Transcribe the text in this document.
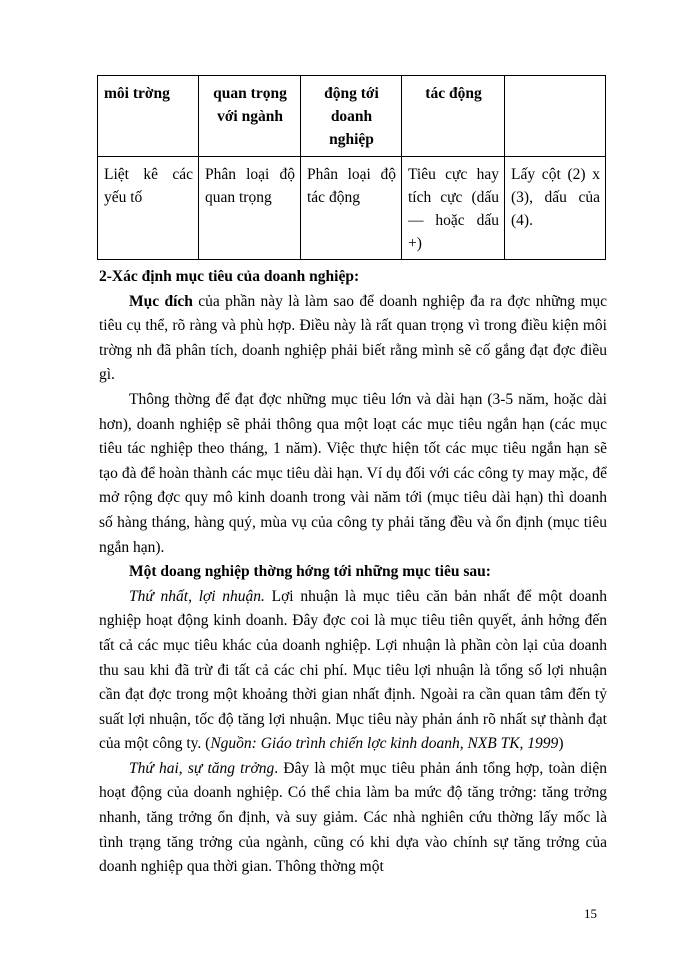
môi trờng	quan trọng với ngành	động tới doanh nghiệp	tác động	
Liệt kê các yếu tố	Phân loại độ quan trọng	Phân loại độ tác động	Tiêu cực hay tích cực (dấu — hoặc dấu +)	Lấy cột (2) x (3), dấu của (4).

2-Xác định mục tiêu của doanh nghiệp:

Mục đích của phần này là làm sao để doanh nghiệp đa ra đợc những mục tiêu cụ thể, rõ ràng và phù hợp. Điều này là rất quan trọng vì trong điều kiện môi trờng nh đã phân tích, doanh nghiệp phải biết rằng mình sẽ cố gắng đạt đợc điều gì.

Thông thờng để đạt đợc những mục tiêu lớn và dài hạn (3-5 năm, hoặc dài hơn), doanh nghiệp sẽ phải thông qua một loạt các mục tiêu ngắn hạn (các mục tiêu tác nghiệp theo tháng, 1 năm). Việc thực hiện tốt các mục tiêu ngắn hạn sẽ tạo đà để hoàn thành các mục tiêu dài hạn. Ví dụ đối với các công ty may mặc, để mở rộng đợc quy mô kinh doanh trong vài năm tới (mục tiêu dài hạn) thì doanh số hàng tháng, hàng quý, mùa vụ của công ty phải tăng đều và ổn định (mục tiêu ngắn hạn).

Một doang nghiệp thờng hớng tới những mục tiêu sau:

Thứ nhất, lợi nhuận. Lợi nhuận là mục tiêu căn bản nhất để một doanh nghiệp hoạt động kinh doanh. Đây đợc coi là mục tiêu tiên quyết, ảnh hởng đến tất cả các mục tiêu khác của doanh nghiệp. Lợi nhuận là phần còn lại của doanh thu sau khi đã trừ đi tất cả các chi phí. Mục tiêu lợi nhuận là tổng số lợi nhuận cần đạt đợc trong một khoảng thời gian nhất định. Ngoài ra cần quan tâm đến tỷ suất lợi nhuận, tốc độ tăng lợi nhuận. Mục tiêu này phản ánh rõ nhất sự thành đạt của một công ty. (Nguồn: Giáo trình chiến lợc kinh doanh, NXB TK, 1999)

Thứ hai, sự tăng trởng. Đây là một mục tiêu phản ánh tổng hợp, toàn diện hoạt động của doanh nghiệp. Có thể chia làm ba mức độ tăng trởng: tăng trởng nhanh, tăng trởng ổn định, và suy giảm. Các nhà nghiên cứu thờng lấy mốc là tình trạng tăng trởng của ngành, cũng có khi dựa vào chính sự tăng trởng của doanh nghiệp qua thời gian. Thông thờng một

15
